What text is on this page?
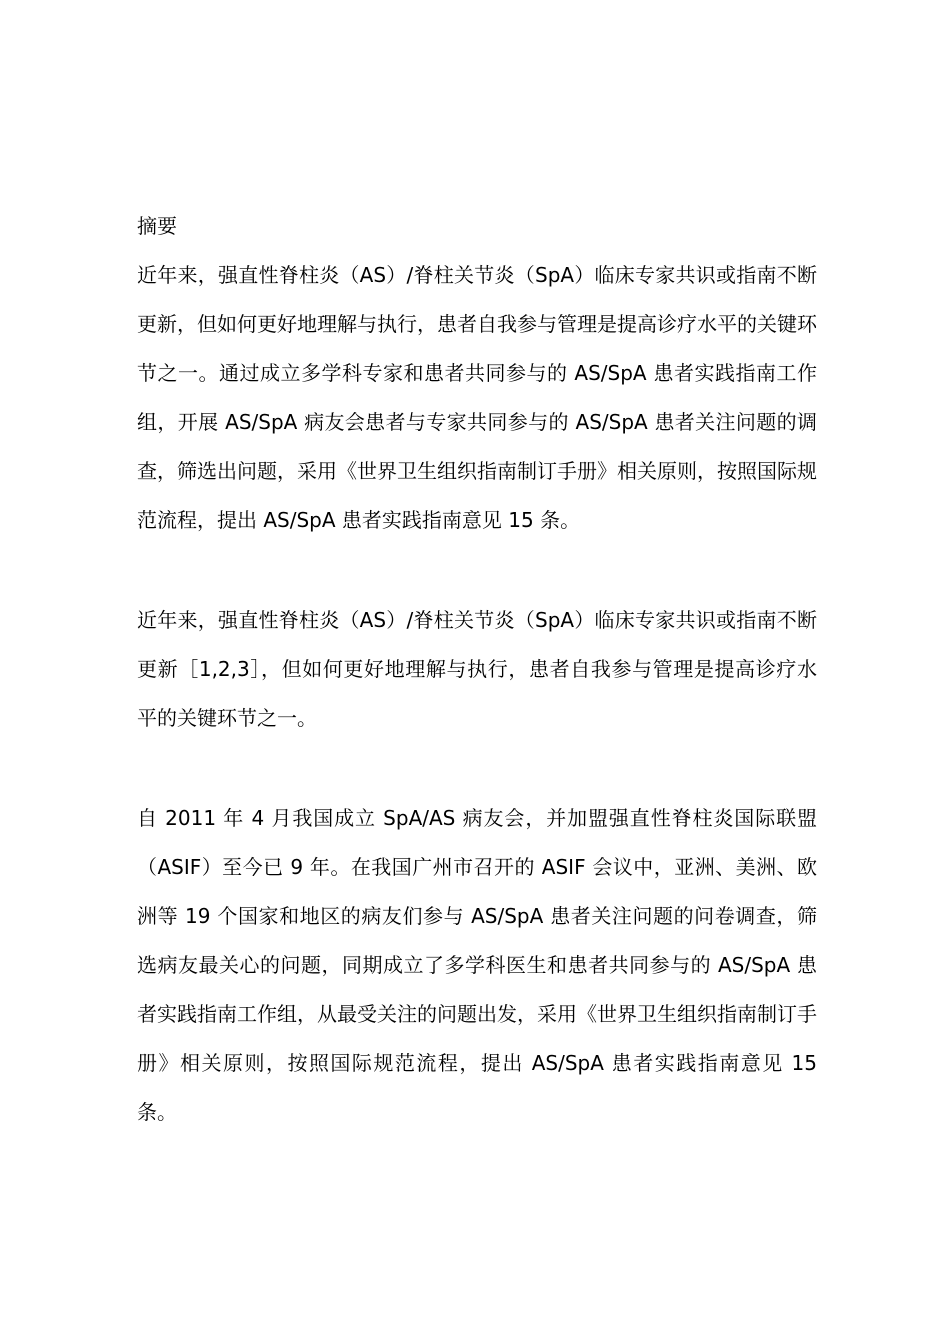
摘要

近年来，强直性脊柱炎（AS）/脊柱关节炎（SpA）临床专家共识或指南不断更新，但如何更好地理解与执行，患者自我参与管理是提高诊疗水平的关键环节之一。通过成立多学科专家和患者共同参与的 AS/SpA 患者实践指南工作组，开展 AS/SpA 病友会患者与专家共同参与的 AS/SpA 患者关注问题的调查，筛选出问题，采用《世界卫生组织指南制订手册》相关原则，按照国际规范流程，提出 AS/SpA 患者实践指南意见 15 条。

近年来，强直性脊柱炎（AS）/脊柱关节炎（SpA）临床专家共识或指南不断更新［1,2,3］，但如何更好地理解与执行，患者自我参与管理是提高诊疗水平的关键环节之一。

自 2011 年 4 月我国成立 SpA/AS 病友会，并加盟强直性脊柱炎国际联盟（ASIF）至今已 9 年。在我国广州市召开的 ASIF 会议中，亚洲、美洲、欧洲等 19 个国家和地区的病友们参与 AS/SpA 患者关注问题的问卷调查，筛选病友最关心的问题，同期成立了多学科医生和患者共同参与的 AS/SpA 患者实践指南工作组，从最受关注的问题出发，采用《世界卫生组织指南制订手册》相关原则，按照国际规范流程，提出 AS/SpA 患者实践指南意见 15 条。
